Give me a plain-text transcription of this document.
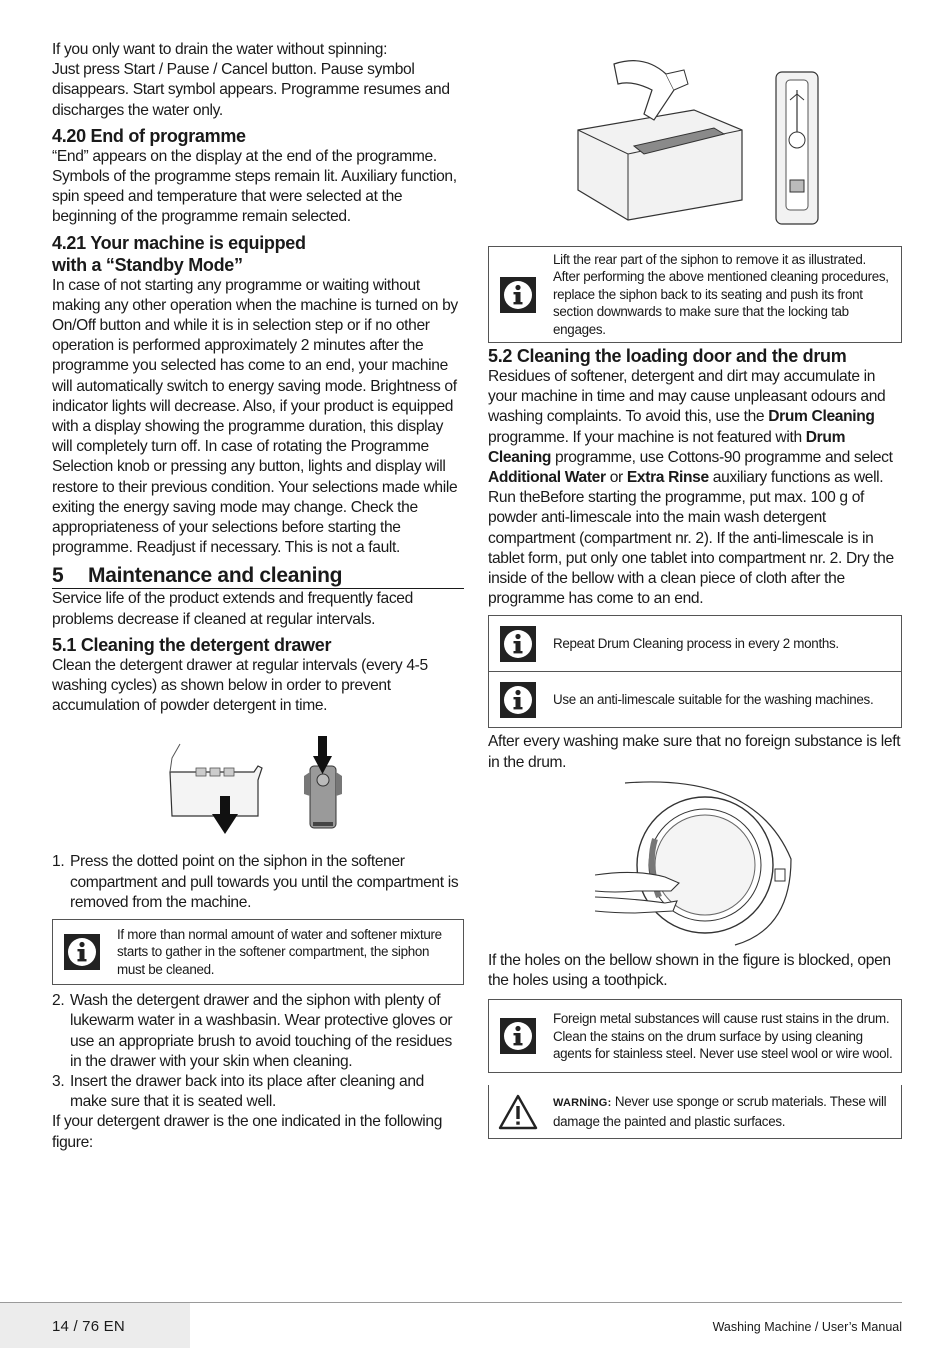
If you only want to drain the water without spinning:

Just press Start / Pause / Cancel button. Pause symbol disappears. Start symbol appears. Programme resumes and discharges the water only.

4.20 End of programme

“End” appears on the display at the end of the programme. Symbols of the programme steps remain lit. Auxiliary function, spin speed and temperature that were selected at the beginning of the programme remain selected.

4.21 Your machine is equipped
with a “Standby Mode”

In case of not starting any programme or waiting without making any other operation when the machine is turned on by On/Off button and while it is in selection step or if no other operation is performed approximately 2 minutes after the programme you selected has come to an end, your machine will automatically switch to energy saving mode. Brightness of indicator lights will decrease. Also, if your product is equipped with a display showing the programme duration, this display will completely turn off. In case of rotating the Programme Selection knob or pressing any button, lights and display will restore to their previous condition. Your selections made while exiting the energy saving mode may change. Check the appropriateness of your selections before starting the programme. Readjust if necessary. This is not a fault.

5 Maintenance and cleaning

Service life of the product extends and frequently faced problems decrease if cleaned at regular intervals.

5.1 Cleaning the detergent drawer

Clean the detergent drawer at regular intervals (every 4-5 washing cycles) as shown below in order to prevent accumulation of powder detergent in time.

1. Press the dotted point on the siphon in the softener compartment and pull towards you until the compartment is removed from the machine.
If more than normal amount of water and softener mixture starts to gather in the softener compartment, the siphon must be cleaned.
2. Wash the detergent drawer and the siphon with plenty of lukewarm water in a washbasin. Wear protective gloves or use an appropriate brush to avoid touching of the residues in the drawer with your skin when cleaning.
3. Insert the drawer back into its place after cleaning and make sure that it is seated well.

If your detergent drawer is the one indicated in the following figure:

Lift the rear part of the siphon to remove it as illustrated. After performing the above mentioned cleaning procedures, replace the siphon back to its seating and push its front section downwards to make sure that the locking tab engages.
5.2 Cleaning the loading door and the drum

Residues of softener, detergent and dirt may accumulate in your machine in time and may cause unpleasant odours and washing complaints. To avoid this, use the Drum Cleaning programme. If your machine is not featured with Drum Cleaning programme, use Cottons-90 programme and select Additional Water or Extra Rinse auxiliary functions as well. Run theBefore starting the programme, put max. 100 g of powder anti-limescale into the main wash detergent compartment (compartment nr. 2). If the anti-limescale is in tablet form, put only one tablet into compartment nr. 2. Dry the inside of the bellow with a clean piece of cloth after the programme has come to an end.

Repeat Drum Cleaning process in every 2 months.
Use an anti-limescale suitable for the washing machines.

After every washing make sure that no foreign substance is left in the drum.

If the holes on the bellow shown in the figure is blocked, open the holes using a toothpick.

Foreign metal substances will cause rust stains in the drum. Clean the stains on the drum surface by using cleaning agents for stainless steel. Never use steel wool or wire wool.
WARNİNG: Never use sponge or scrub materials. These will damage the painted and plastic surfaces.
14 / 76 EN	Washing Machine / User’s Manual
